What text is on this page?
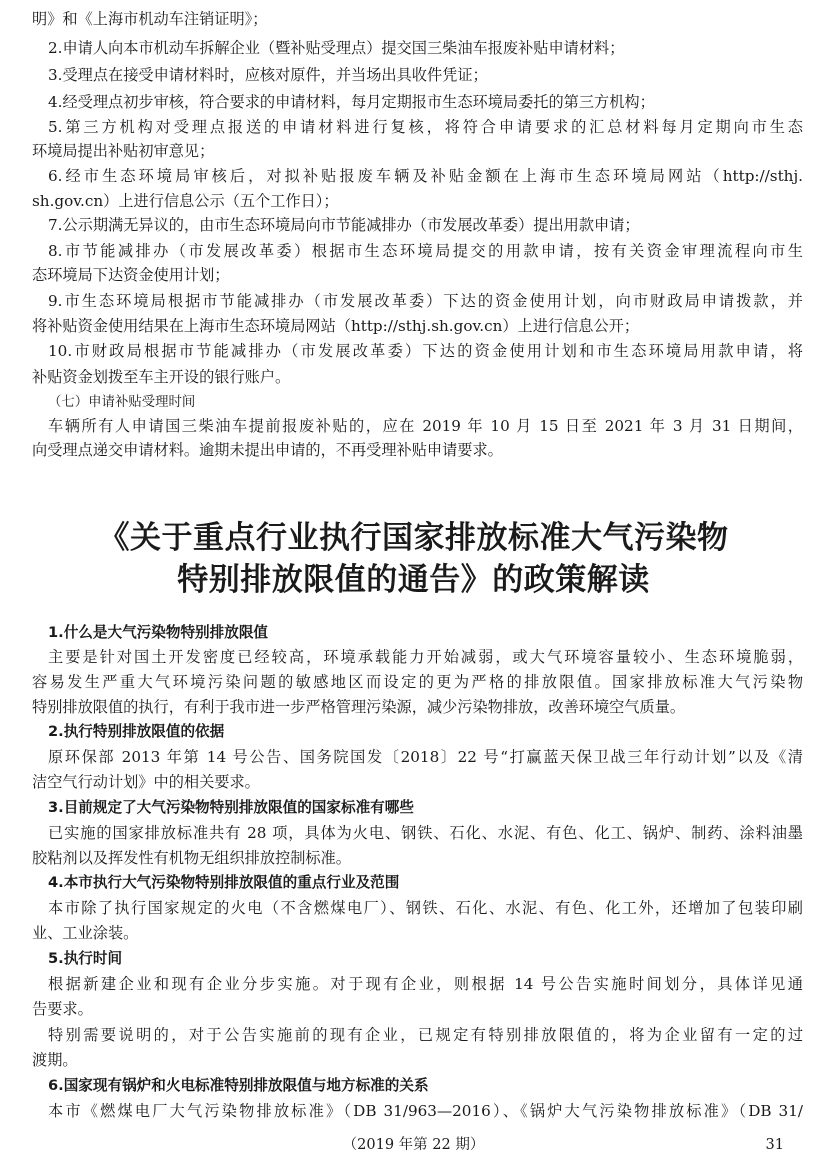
明》和《上海市机动车注销证明》；
2.申请人向本市机动车拆解企业（暨补贴受理点）提交国三柴油车报废补贴申请材料；
3.受理点在接受申请材料时，应核对原件，并当场出具收件凭证；
4.经受理点初步审核，符合要求的申请材料，每月定期报市生态环境局委托的第三方机构；
5.第三方机构对受理点报送的申请材料进行复核，将符合申请要求的汇总材料每月定期向市生态
环境局提出补贴初审意见；
6.经市生态环境局审核后，对拟补贴报废车辆及补贴金额在上海市生态环境局网站（http://sthj.
sh.gov.cn）上进行信息公示（五个工作日）；
7.公示期满无异议的，由市生态环境局向市节能减排办（市发展改革委）提出用款申请；
8.市节能减排办（市发展改革委）根据市生态环境局提交的用款申请，按有关资金审理流程向市生
态环境局下达资金使用计划；
9.市生态环境局根据市节能减排办（市发展改革委）下达的资金使用计划，向市财政局申请拨款，并
将补贴资金使用结果在上海市生态环境局网站（http://sthj.sh.gov.cn）上进行信息公开；
10.市财政局根据市节能减排办（市发展改革委）下达的资金使用计划和市生态环境局用款申请，将
补贴资金划拨至车主开设的银行账户。
（七）申请补贴受理时间
车辆所有人申请国三柴油车提前报废补贴的，应在 2019 年 10 月 15 日至 2021 年 3 月 31 日期间，
向受理点递交申请材料。逾期未提出申请的，不再受理补贴申请要求。
《关于重点行业执行国家排放标准大气污染物
特别排放限值的通告》的政策解读
1.什么是大气污染物特别排放限值
主要是针对国土开发密度已经较高，环境承载能力开始减弱，或大气环境容量较小、生态环境脆弱，
容易发生严重大气环境污染问题的敏感地区而设定的更为严格的排放限值。国家排放标准大气污染物
特别排放限值的执行，有利于我市进一步严格管理污染源，减少污染物排放，改善环境空气质量。
2.执行特别排放限值的依据
原环保部 2013 年第 14 号公告、国务院国发〔2018〕22 号“打赢蓝天保卫战三年行动计划”以及《清
洁空气行动计划》中的相关要求。
3.目前规定了大气污染物特别排放限值的国家标准有哪些
已实施的国家排放标准共有 28 项，具体为火电、钢铁、石化、水泥、有色、化工、锅炉、制药、涂料油墨
胶粘剂以及挥发性有机物无组织排放控制标准。
4.本市执行大气污染物特别排放限值的重点行业及范围
本市除了执行国家规定的火电（不含燃煤电厂）、钢铁、石化、水泥、有色、化工外，还增加了包装印刷
业、工业涂装。
5.执行时间
根据新建企业和现有企业分步实施。对于现有企业，则根据 14 号公告实施时间划分，具体详见通
告要求。
特别需要说明的，对于公告实施前的现有企业，已规定有特别排放限值的，将为企业留有一定的过
渡期。
6.国家现有锅炉和火电标准特别排放限值与地方标准的关系
本市《燃煤电厂大气污染物排放标准》（DB 31/963—2016）、《锅炉大气污染物排放标准》（DB 31/
（2019 年第 22 期）	31
